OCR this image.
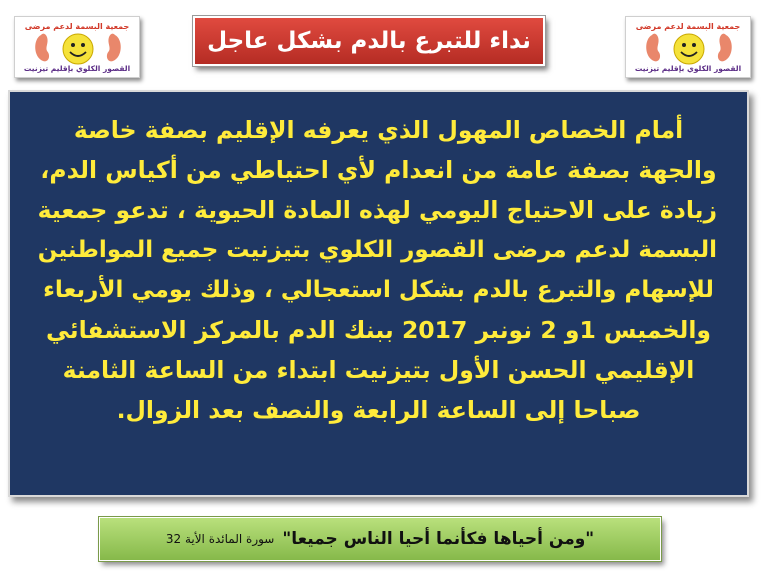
جمعية البسمة لدعم مرضى
القصور الكلوي بإقليم تيزنيت
جمعية البسمة لدعم مرضى
القصور الكلوي بإقليم تيزنيت
نداء للتبرع بالدم بشكل عاجل
أمام الخصاص المهول الذي يعرفه الإقليم بصفة خاصة
والجهة بصفة عامة من انعدام لأي احتياطي من أكياس الدم،
زيادة على الاحتياج اليومي لهذه المادة الحيوية ، تدعو جمعية
البسمة لدعم مرضى القصور الكلوي بتيزنيت جميع المواطنين
للإسهام والتبرع بالدم بشكل استعجالي ، وذلك يومي الأربعاء
والخميس 1و 2 نونبر 2017 ببنك الدم بالمركز الاستشفائي
الإقليمي الحسن الأول بتيزنيت ابتداء من الساعة الثامنة
صباحا إلى الساعة الرابعة والنصف بعد الزوال.
"ومن أحياها فكأنما أحيا الناس جميعا"
سورة المائدة الأية 32
